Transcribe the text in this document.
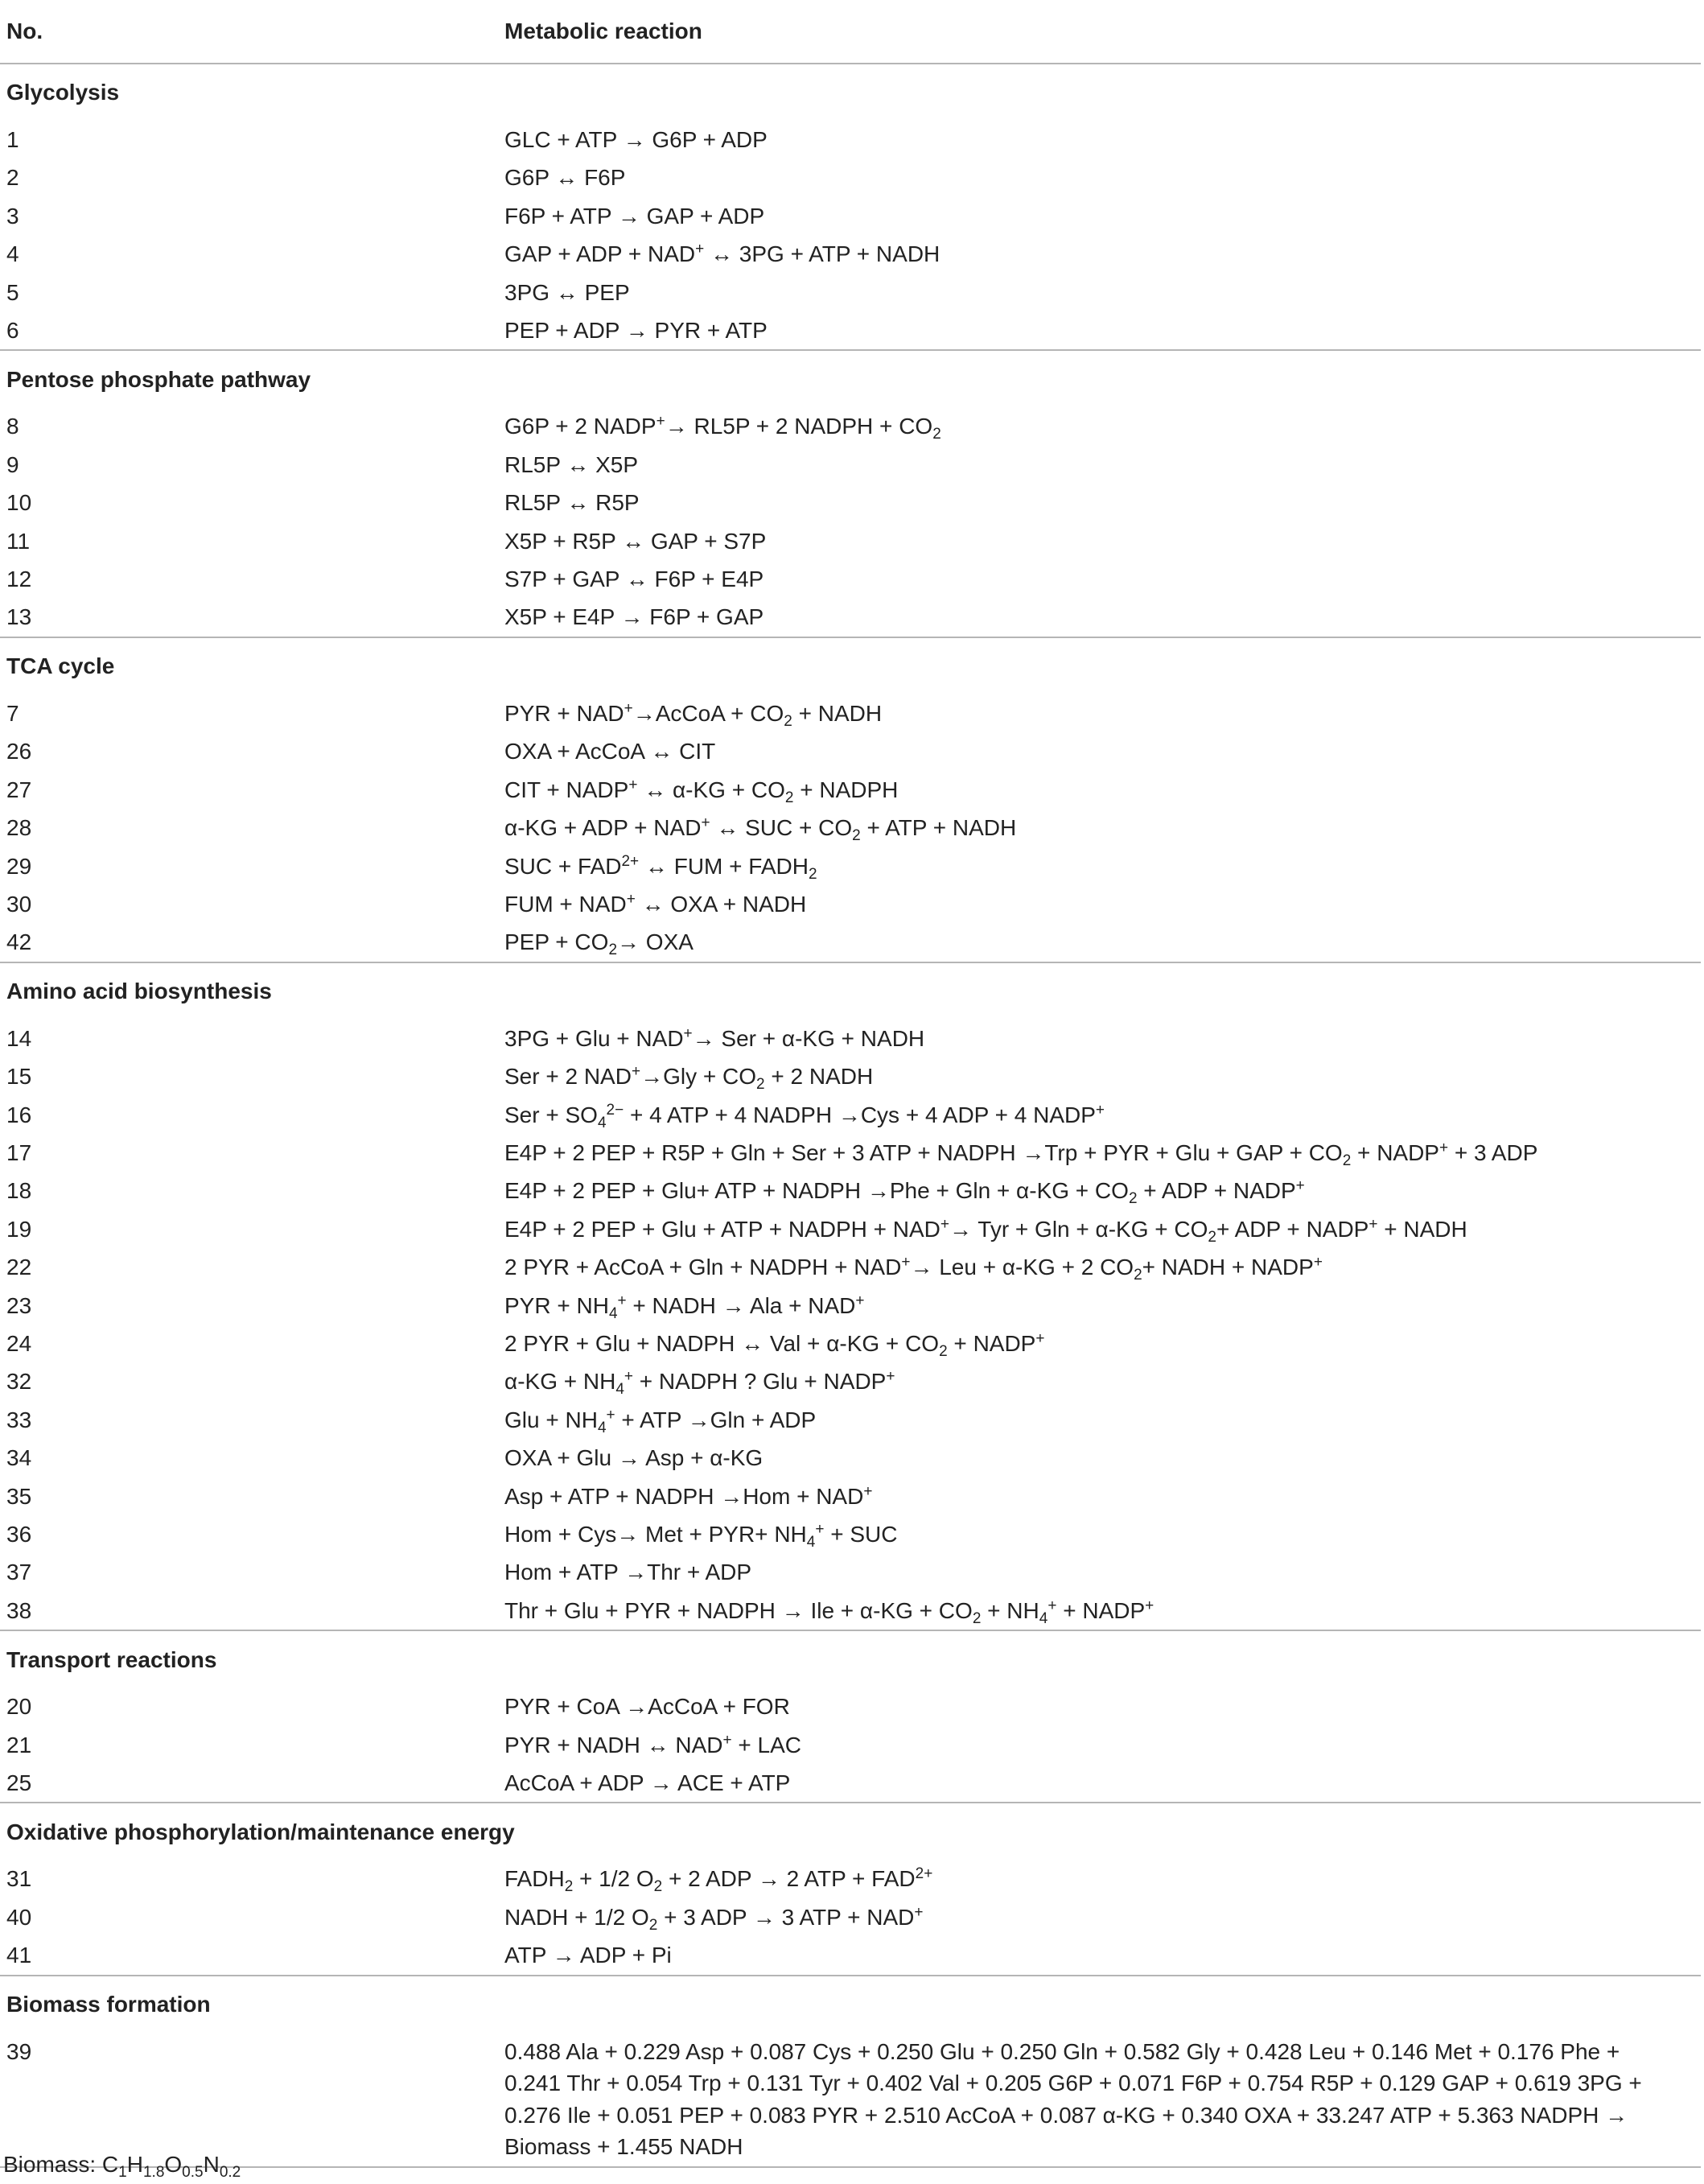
No.	Metabolic reaction
Glycolysis	
1	GLC + ATP → G6P + ADP
2	G6P ↔ F6P
3	F6P + ATP → GAP + ADP
4	GAP + ADP + NAD+ ↔ 3PG + ATP + NADH
5	3PG ↔ PEP
6	PEP + ADP → PYR + ATP
Pentose phosphate pathway	
8	G6P + 2 NADP+→ RL5P + 2 NADPH + $CO_2$
9	RL5P ↔ X5P
10	RL5P ↔ R5P
11	X5P + R5P ↔ GAP + S7P
12	S7P + GAP ↔ F6P + E4P
13	X5P + E4P → F6P + GAP
TCA cycle	
7	PYR + NAD+→AcCoA + $CO_2$ + NADH
26	OXA + AcCoA ↔ CIT
27	CIT + NADP+ ↔ $\alpha-KG + CO_2$ + NADPH
28	α-KG + ADP + NAD+ ↔ SUC + $CO_2$ + ATP + NADH
29	SUC + $FAD^{2+}$ ↔ FUM + $FADH_2$
30	FUM + NAD+ ↔ OXA + NADH
42	PEP + $CO_2\to$ OXA
Amino acid biosynthesis	
14	3PG + Glu + NAD+→ Ser + α-KG + NADH
15	Ser + 2 $NAD^+\to Gly + CO_2 + 2$ NADH
16	Ser + $SO_4^{2-} + 4$ ATP + 4 NADPH →Cys + 4 ADP + 4 NADP+
17	E4P + 2 PEP + R5P + Gln + Ser + 3 ATP + NADPH →Trp + PYR + Glu + GAP + $CO_2$ + NADP+ + 3 ADP
18	E4P + 2 PEP + Glu+ ATP + NADPH $\to Phe + Gln + \alpha-KG + CO_2$ + ADP + NADP+
19	E4P + 2 PEP + Glu + ATP + NADPH + NAD+→ Tyr + $Gln + \alpha-KG + CO_2+$ ADP + NADP+ + NADH
22	2 PYR + AcCoA + Gln + NADPH + NAD+→ Leu + α-KG + 2 $CO_2+$ NADH + NADP+
23	PYR + $NH_4^+$ + NADH → Ala + NAD+
24	2 PYR + Glu + NADPH ↔ Val + $\alpha-KG + CO_2$ + NADP+
32	$\alpha-KG + NH_4^+$ + NADPH ? Glu + NADP+
33	Glu + $NH_4^+$ + ATP →Gln + ADP
34	OXA + Glu → Asp + α-KG
35	Asp + ATP + NADPH →Hom + NAD+
36	Hom + Cys→ Met + $PYR+ NH_4^+$ + SUC
37	Hom + ATP →Thr + ADP
38	Thr + Glu + PYR + NADPH → Ile + $\alpha-KG + CO_2 + NH_4^+$ + NADP+
Transport reactions	
20	PYR + CoA →AcCoA + FOR
21	PYR + NADH ↔ NAD+ + LAC
25	AcCoA + ADP → ACE + ATP
Oxidative phosphorylation/maintenance energy	
31	$FADH_2 + 1/2$ $O_2 + 2$ ADP → 2 ATP + $FAD^{2+}$
40	NADH + 1/2 $O_2 + 3$ ADP → 3 ATP + NAD+
41	ATP → ADP + Pi
Biomass formation	
39	0.488 Ala + 0.229 Asp + 0.087 Cys + 0.250 Glu + 0.250 Gln + 0.582 Gly + 0.428 Leu + 0.146 Met + 0.176 Phe + 0.241 Thr + 0.054 Trp + 0.131 Tyr + 0.402 Val + 0.205 G6P + 0.071 F6P + 0.754 R5P + 0.129 GAP + 0.619 3PG + 0.276 Ile + 0.051 PEP + 0.083 PYR + 2.510 AcCoA + 0.087 α-KG + 0.340 OXA + 33.247 ATP + 5.363 NADPH → Biomass + 1.455 NADH
Biomass: $C_1H_{1.8}O_{0.5}N_{0.2}$
